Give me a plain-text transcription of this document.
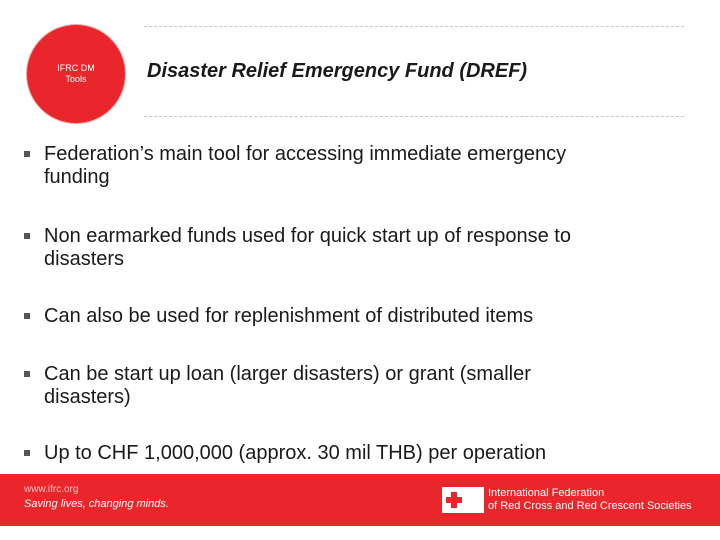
IFRC DM
Tools	Disaster Relief Emergency Fund (DREF)
Federation’s main tool for accessing immediate emergency
funding
Non earmarked funds used for quick start up of response to
disasters
Can also be used for replenishment of distributed items
Can be start up loan (larger disasters) or grant (smaller
disasters)
Up to CHF 1,000,000 (approx. 30 mil THB) per operation
www.ifrc.org
Saving lives, changing minds.
International Federation
of Red Cross and Red Crescent Societies
